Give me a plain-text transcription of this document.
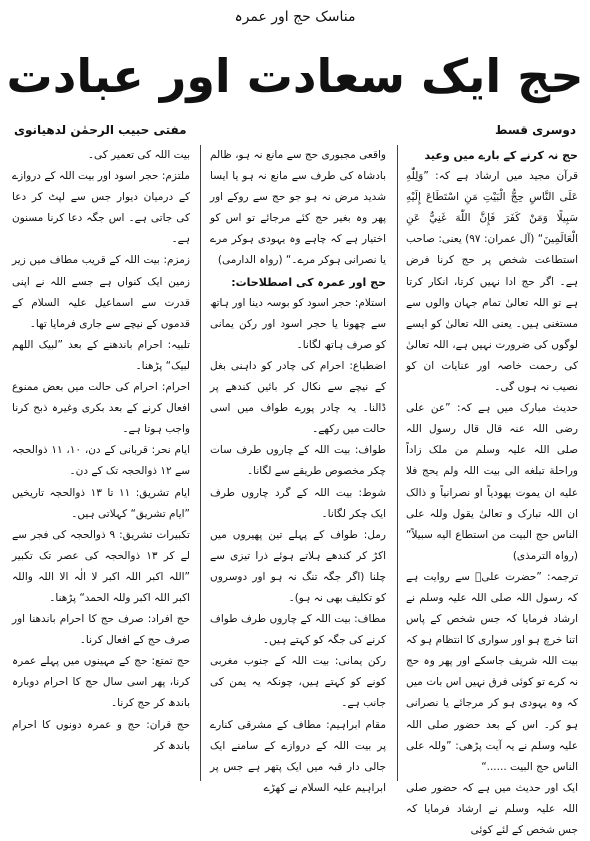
مناسک حج اور عمرہ
حج ایک سعادت اور عبادت
دوسری قسط
مفتی حبیب الرحمٰن لدھیانوی

حج نہ کرنے کے بارے میں وعید

قرآن مجید میں ارشاد ہے کہ: ”وَلِلّٰهِ عَلَى النَّاسِ حِجُّ الْبَيْتِ مَنِ اسْتَطَاعَ إِلَيْهِ سَبِيلًا وَمَنْ كَفَرَ فَإِنَّ اللّٰهَ غَنِيٌّ عَنِ الْعَالَمِينَ“ (آل عمران: ۹۷) یعنی: صاحب استطاعت شخص پر حج کرنا فرض ہے۔ اگر حج ادا نہیں کرتا، انکار کرتا ہے تو اللہ تعالیٰ تمام جہان والوں سے مستغنی ہیں۔ یعنی اللہ تعالیٰ کو ایسے لوگوں کی ضرورت نہیں ہے، اللہ تعالیٰ کی رحمت خاصہ اور عنایات ان کو نصیب نہ ہوں گی۔

حدیث مبارک میں ہے کہ: ”عن علی رضی اللہ عنہ قال قال رسول اللہ صلی اللہ علیہ وسلم من ملک زاداً وراحلة تبلغه الی بیت اللہ ولم یحج فلا علیه ان یموت یهودیاً او نصرانیاً و ذالک ان اللہ تبارک و تعالیٰ یقول وللہ علی الناس حج البیت من استطاع الیه سبیلاً“ (رواہ الترمذی)

ترجمہ: ”حضرت علیؓ سے روایت ہے کہ رسول اللہ صلی اللہ علیہ وسلم نے ارشاد فرمایا کہ جس شخص کے پاس اتنا خرچ ہو اور سواری کا انتظام ہو کہ بیت اللہ شریف جاسکے اور پھر وہ حج نہ کرے تو کوئی فرق نہیں اس بات میں کہ وہ یہودی ہو کر مرجائے یا نصرانی ہو کر۔ اس کے بعد حضور صلی اللہ علیہ وسلم نے یہ آیت پڑھی: ”وللہ علی الناس حج البیت ......“

ایک اور حدیث میں ہے کہ حضور صلی اللہ علیہ وسلم نے ارشاد فرمایا کہ جس شخص کے لئے کوئی

واقعی مجبوری حج سے مانع نہ ہو، ظالم بادشاہ کی طرف سے مانع نہ ہو یا ایسا شدید مرض نہ ہو جو حج سے روکے اور پھر وہ بغیر حج کئے مرجائے تو اس کو اختیار ہے کہ چاہے وہ یہودی ہوکر مرے یا نصرانی ہوکر مرے۔“ (رواہ الدارمی)

حج اور عمرہ کی اصطلاحات:

استلام: حجر اسود کو بوسہ دینا اور ہاتھ سے چھونا یا حجر اسود اور رکن یمانی کو صرف ہاتھ لگانا۔

اضطباع: احرام کی چادر کو داہنی بغل کے نیچے سے نکال کر بائیں کندھے پر ڈالنا۔ یہ چادر پورے طواف میں اسی حالت میں رکھے۔

طواف: بیت اللہ کے چاروں طرف سات چکر مخصوص طریقے سے لگانا۔

شوط: بیت اللہ کے گرد چاروں طرف ایک چکر لگانا۔

رمل: طواف کے پہلے تین پھیروں میں اکڑ کر کندھے ہلاتے ہوئے ذرا تیزی سے چلنا (اگر جگہ تنگ نہ ہو اور دوسروں کو تکلیف بھی نہ ہو)۔

مطاف: بیت اللہ کے چاروں طرف طواف کرنے کی جگہ کو کہتے ہیں۔

رکن یمانی: بیت اللہ کے جنوب مغربی کونے کو کہتے ہیں، چونکہ یہ یمن کی جانب ہے۔

مقام ابراہیم: مطاف کے مشرقی کنارے پر بیت اللہ کے دروازے کے سامنے ایک جالی دار قبہ میں ایک پتھر ہے جس پر ابراہیم علیہ السلام نے کھڑے

بیت اللہ کی تعمیر کی۔

ملتزم: حجر اسود اور بیت اللہ کے دروازے کے درمیان دیوار جس سے لپٹ کر دعا کی جاتی ہے۔ اس جگہ دعا کرنا مسنون ہے۔

زمزم: بیت اللہ کے قریب مطاف میں زیر زمین ایک کنواں ہے جسے اللہ نے اپنی قدرت سے اسماعیل علیہ السلام کے قدموں کے نیچے سے جاری فرمایا تھا۔

تلبیہ: احرام باندھنے کے بعد ”لبیک اللھم لبیک“ پڑھنا۔

احرام: احرام کی حالت میں بعض ممنوع افعال کرنے کے بعد بکری وغیرہ ذبح کرنا واجب ہوتا ہے۔

ایام نحر: قربانی کے دن، ۱۰، ۱۱ ذوالحجہ سے ۱۲ ذوالحجہ تک کے دن۔

ایام تشریق: ۱۱ تا ۱۳ ذوالحجہ تاریخیں ”ایام تشریق“ کہلاتی ہیں۔

تکبیرات تشریق: ۹ ذوالحجہ کی فجر سے لے کر ۱۳ ذوالحجہ کی عصر تک تکبیر ”اللہ اکبر اللہ اکبر لا الٰہ الا اللہ واللہ اکبر اللہ اکبر وللہ الحمد“ پڑھنا۔

حج افراد: صرف حج کا احرام باندھنا اور صرف حج کے افعال کرنا۔

حج تمتع: حج کے مہینوں میں پہلے عمرہ کرنا، پھر اسی سال حج کا احرام دوبارہ باندھ کر حج کرنا۔

حج قران: حج و عمرہ دونوں کا احرام باندھ کر
